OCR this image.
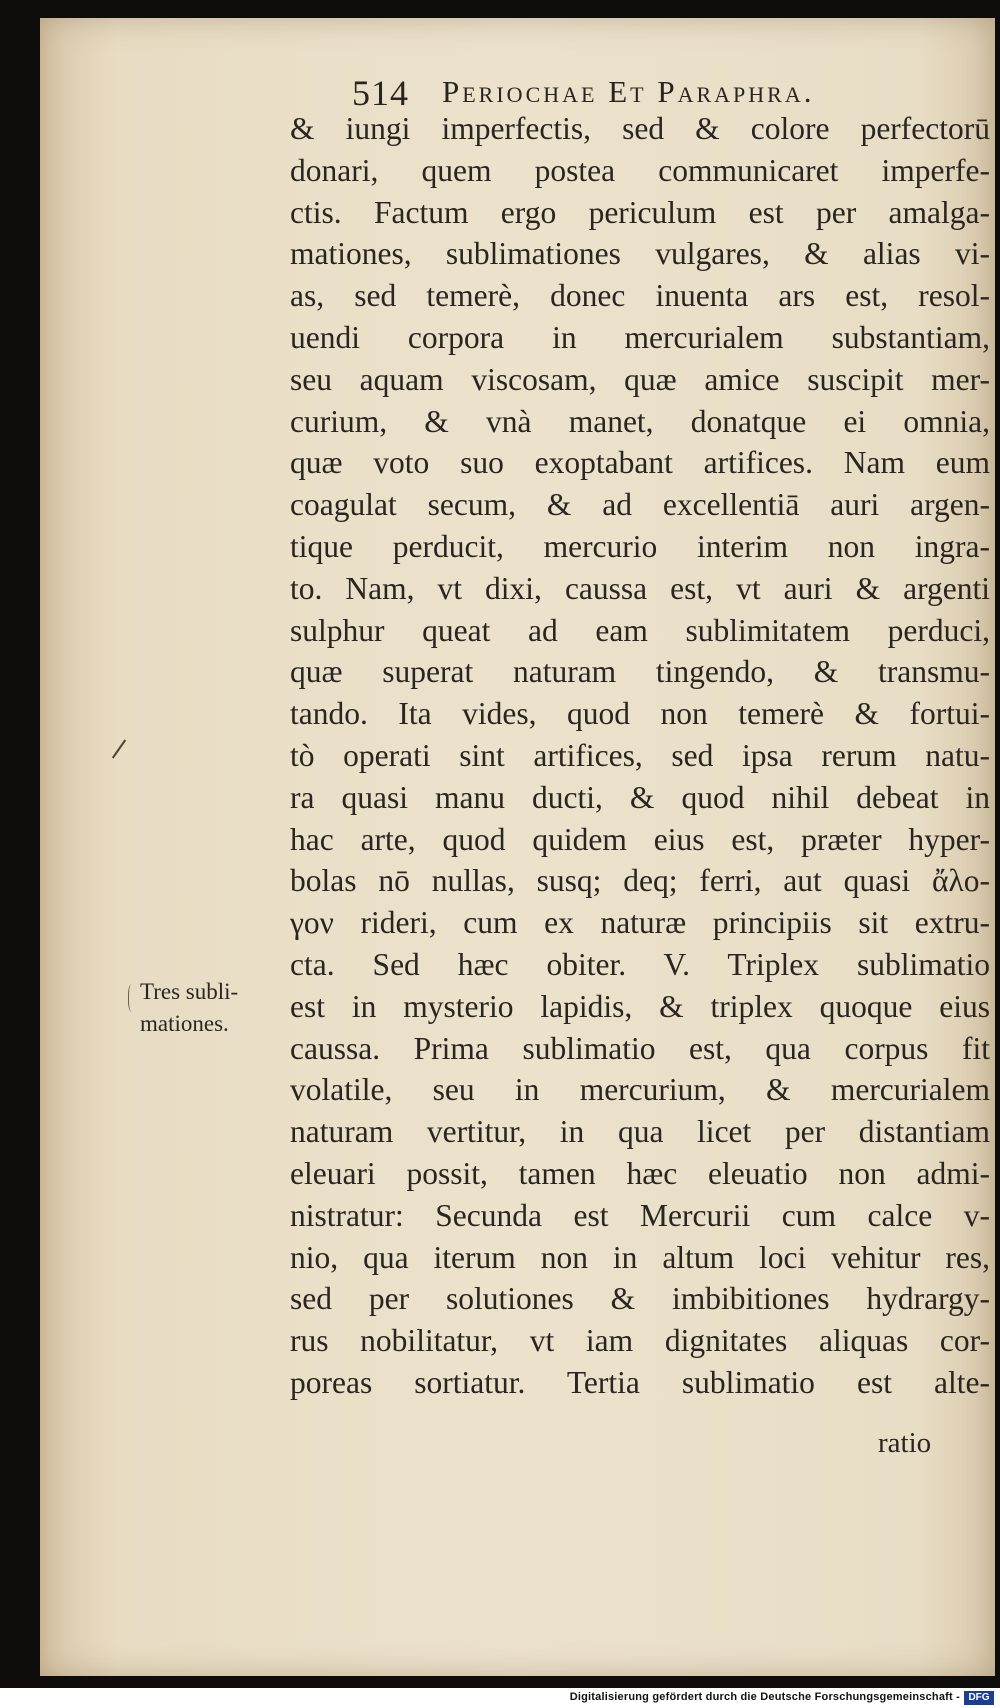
514 Periochae Et Paraphra.
& iungi imperfectis, sed & colore perfectorū
donari, quem postea communicaret imperfe-
ctis. Factum ergo periculum est per amalga-
mationes, sublimationes vulgares, & alias vi-
as, sed temerè, donec inuenta ars est, resol-
uendi corpora in mercurialem substantiam,
seu aquam viscosam, quæ amice suscipit mer-
curium, & vnà manet, donatque ei omnia,
quæ voto suo exoptabant artifices. Nam eum
coagulat secum, & ad excellentiā auri argen-
tique perducit, mercurio interim non ingra-
to. Nam, vt dixi, caussa est, vt auri & argenti
sulphur queat ad eam sublimitatem perduci,
quæ superat naturam tingendo, & transmu-
tando. Ita vides, quod non temerè & fortui-
tò operati sint artifices, sed ipsa rerum natu-
ra quasi manu ducti, & quod nihil debeat in
hac arte, quod quidem eius est, præter hyper-
bolas nō nullas, susq; deq; ferri, aut quasi ἄλο-
γον rideri, cum ex naturæ principiis sit extru-
cta. Sed hæc obiter. V. Triplex sublimatio
est in mysterio lapidis, & triplex quoque eius
caussa. Prima sublimatio est, qua corpus fit
volatile, seu in mercurium, & mercurialem
naturam vertitur, in qua licet per distantiam
eleuari possit, tamen hæc eleuatio non admi-
nistratur: Secunda est Mercurii cum calce v-
nio, qua iterum non in altum loci vehitur res,
sed per solutiones & imbibitiones hydrargy-
rus nobilitatur, vt iam dignitates aliquas cor-
poreas sortiatur. Tertia sublimatio est alte-
ratio
Tres subli-
mationes.
Digitalisierung gefördert durch die Deutsche Forschungsgemeinschaft - DFG
